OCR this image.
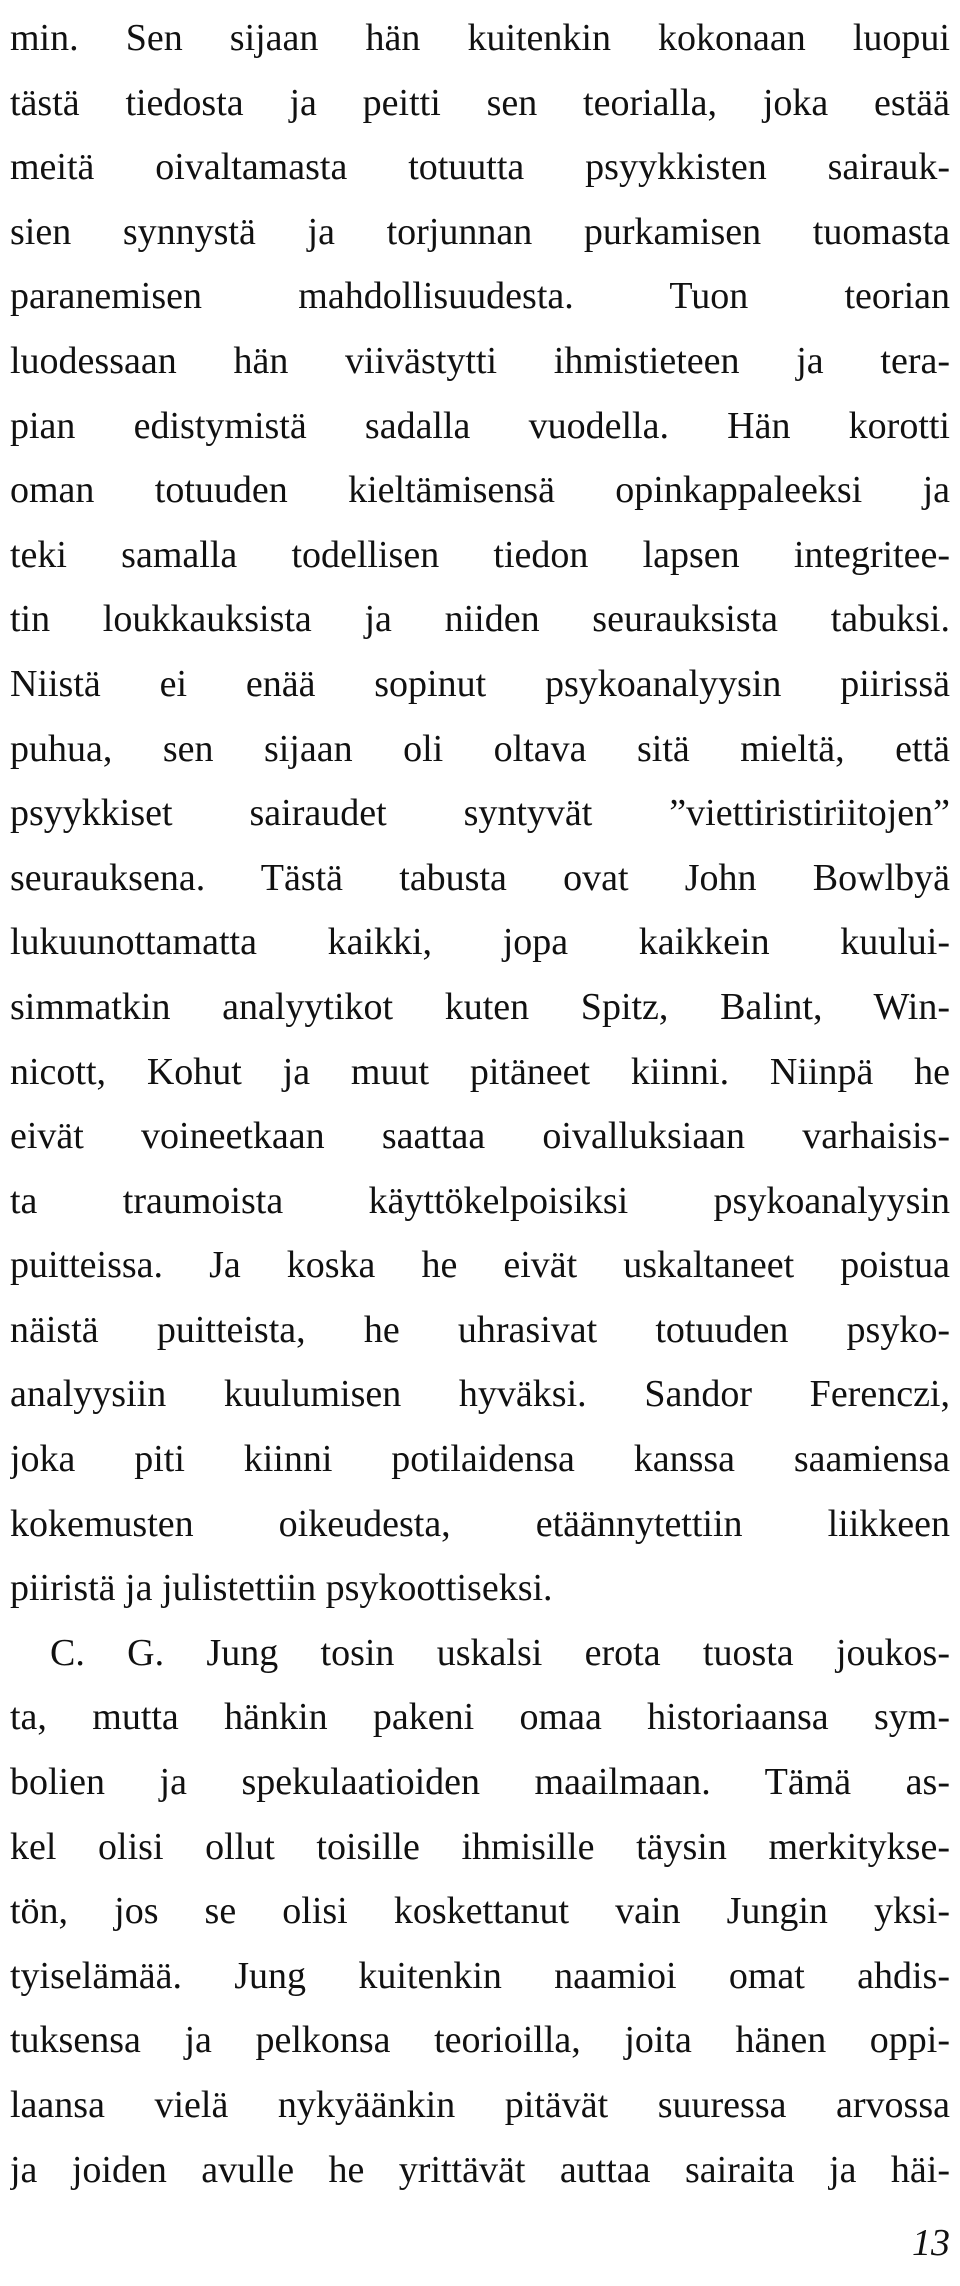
min. Sen sijaan hän kuitenkin kokonaan luopui
tästä tiedosta ja peitti sen teorialla, joka estää
meitä oivaltamasta totuutta psyykkisten sairauk-
sien synnystä ja torjunnan purkamisen tuomasta
paranemisen mahdollisuudesta. Tuon teorian
luodessaan hän viivästytti ihmistieteen ja tera-
pian edistymistä sadalla vuodella. Hän korotti
oman totuuden kieltämisensä opinkappaleeksi ja
teki samalla todellisen tiedon lapsen integritee-
tin loukkauksista ja niiden seurauksista tabuksi.
Niistä ei enää sopinut psykoanalyysin piirissä
puhua, sen sijaan oli oltava sitä mieltä, että
psyykkiset sairaudet syntyvät ”viettiristiriitojen”
seurauksena. Tästä tabusta ovat John Bowlbyä
lukuunottamatta kaikki, jopa kaikkein kuului-
simmatkin analyytikot kuten Spitz, Balint, Win-
nicott, Kohut ja muut pitäneet kiinni. Niinpä he
eivät voineetkaan saattaa oivalluksiaan varhaisis-
ta traumoista käyttökelpoisiksi psykoanalyysin
puitteissa. Ja koska he eivät uskaltaneet poistua
näistä puitteista, he uhrasivat totuuden psyko-
analyysiin kuulumisen hyväksi. Sandor Ferenczi,
joka piti kiinni potilaidensa kanssa saamiensa
kokemusten oikeudesta, etäännytettiin liikkeen
piiristä ja julistettiin psykoottiseksi.
C. G. Jung tosin uskalsi erota tuosta joukos-
ta, mutta hänkin pakeni omaa historiaansa sym-
bolien ja spekulaatioiden maailmaan. Tämä as-
kel olisi ollut toisille ihmisille täysin merkitykse-
tön, jos se olisi koskettanut vain Jungin yksi-
tyiselämää. Jung kuitenkin naamioi omat ahdis-
tuksensa ja pelkonsa teorioilla, joita hänen oppi-
laansa vielä nykyäänkin pitävät suuressa arvossa
ja joiden avulle he yrittävät auttaa sairaita ja häi-
13
